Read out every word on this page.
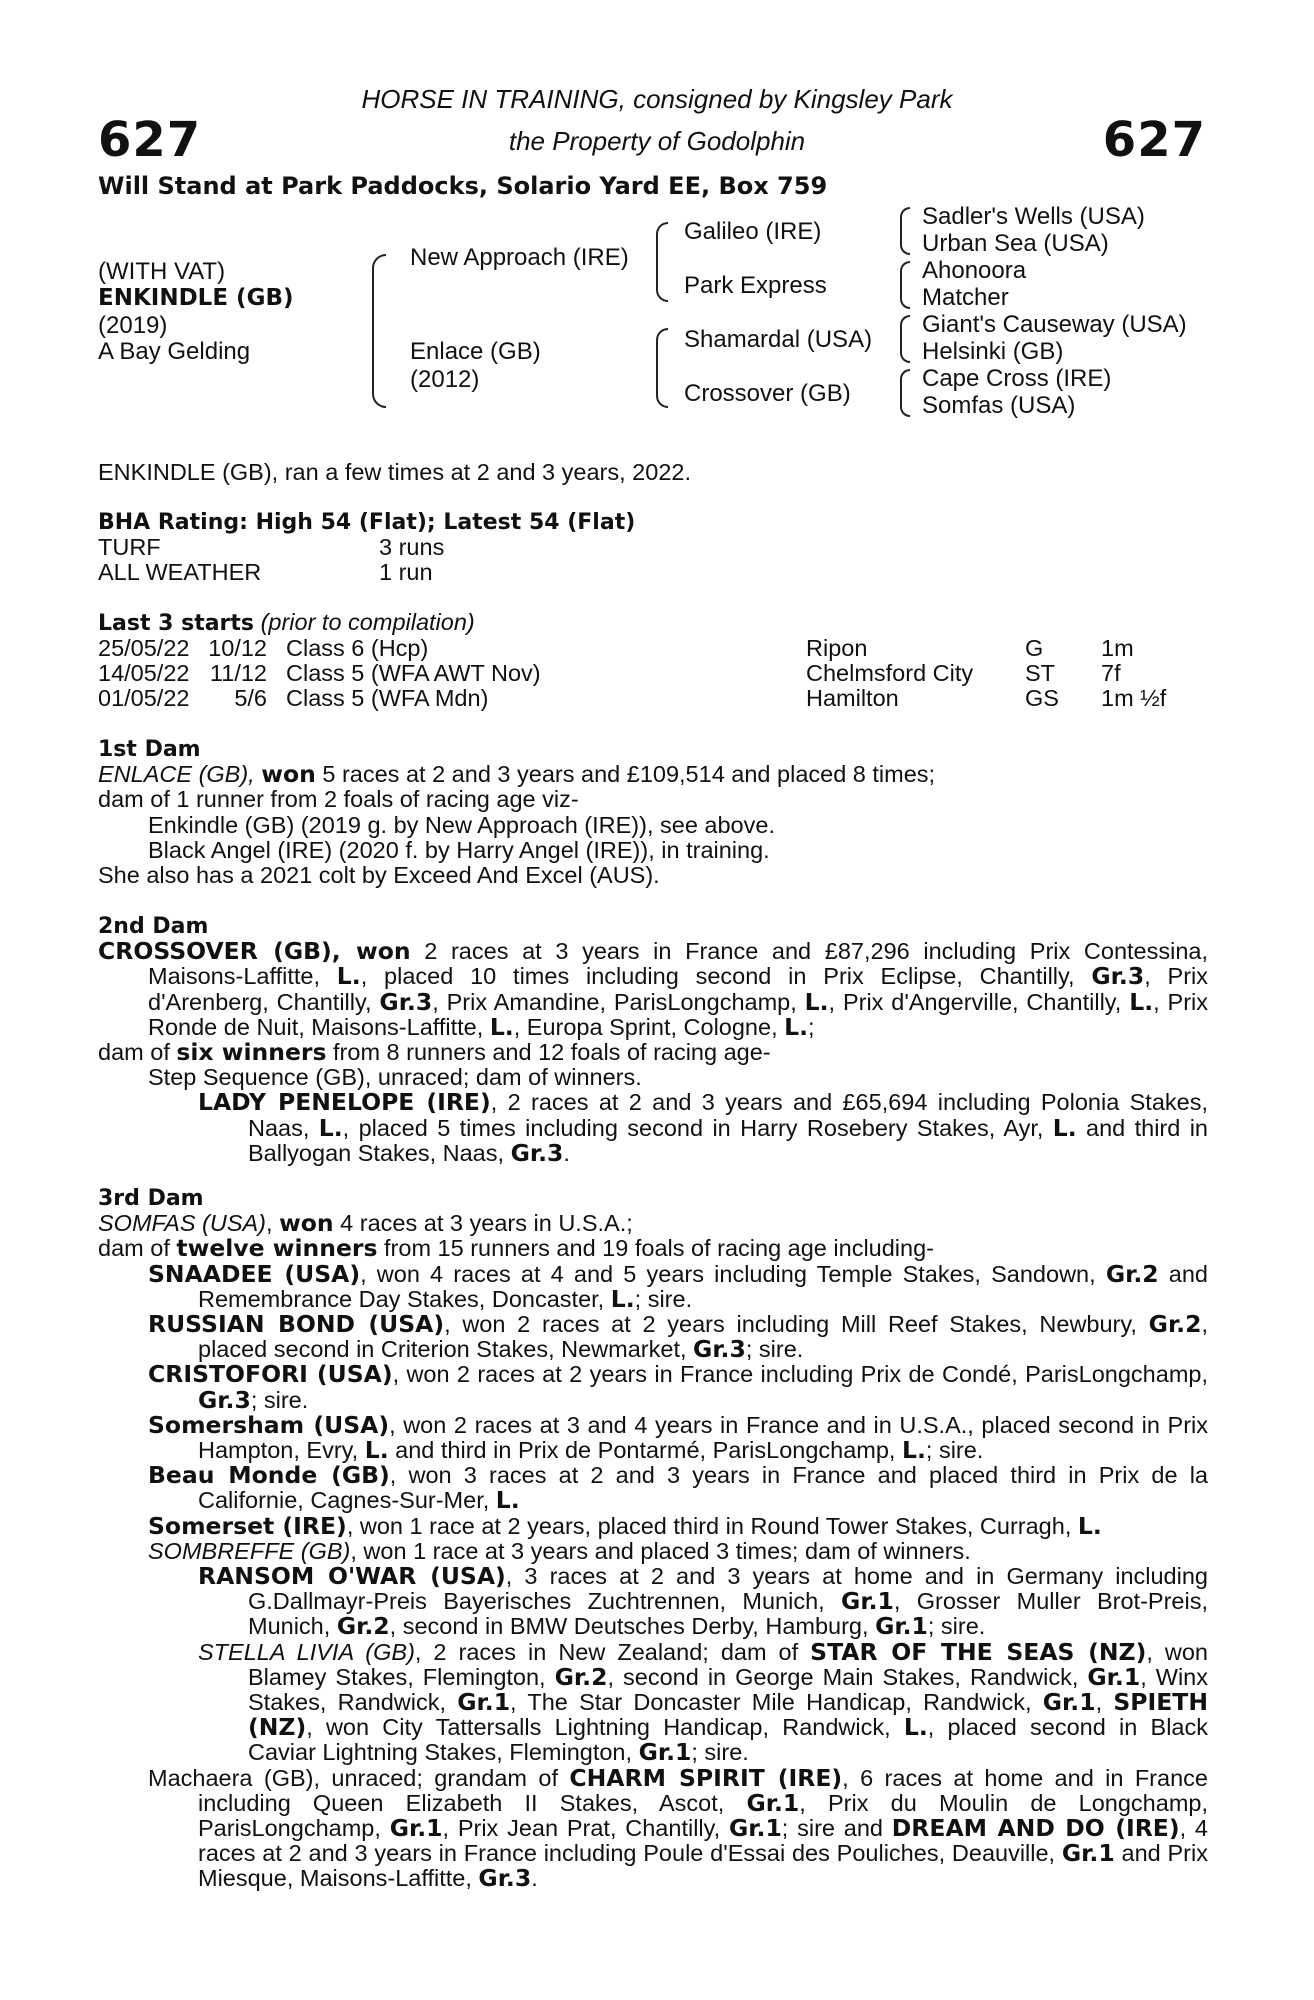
627	627
HORSE IN TRAINING, consigned by Kingsley Park
the Property of Godolphin
Will Stand at Park Paddocks, Solario Yard EE, Box 759
(WITH VAT)
ENKINDLE (GB)
(2019)
A Bay Gelding
New Approach (IRE)
Enlace (GB)
(2012)
Galileo (IRE)
Park Express
Shamardal (USA)
Crossover (GB)
Sadler's Wells (USA)
Urban Sea (USA)
Ahonoora
Matcher
Giant's Causeway (USA)
Helsinki (GB)
Cape Cross (IRE)
Somfas (USA)
ENKINDLE (GB), ran a few times at 2 and 3 years, 2022.
BHA Rating: High 54 (Flat); Latest 54 (Flat)
TURF	3 runs
ALL WEATHER	1 run
Last 3 starts (prior to compilation)
25/05/22 10/12 Class 6 (Hcp)	Ripon	G 1m
14/05/22 11/12 Class 5 (WFA AWT Nov)	Chelmsford City ST 7f
01/05/22	5/6 Class 5 (WFA Mdn)	Hamilton	GS 1m ½f
1st Dam
ENLACE (GB), won 5 races at 2 and 3 years and £109,514 and placed 8 times;
dam of 1 runner from 2 foals of racing age viz-
Enkindle (GB) (2019 g. by New Approach (IRE)), see above.
Black Angel (IRE) (2020 f. by Harry Angel (IRE)), in training.
She also has a 2021 colt by Exceed And Excel (AUS).
2nd Dam
CROSSOVER (GB), won 2 races at 3 years in France and £87,296 including Prix Contessina, Maisons-Laffitte, L., placed 10 times including second in Prix Eclipse, Chantilly, Gr.3, Prix d'Arenberg, Chantilly, Gr.3, Prix Amandine, ParisLongchamp, L., Prix d'Angerville, Chantilly, L., Prix Ronde de Nuit, Maisons-Laffitte, L., Europa Sprint, Cologne, L.;
dam of six winners from 8 runners and 12 foals of racing age-
Step Sequence (GB), unraced; dam of winners.
LADY PENELOPE (IRE), 2 races at 2 and 3 years and £65,694 including Polonia Stakes, Naas, L., placed 5 times including second in Harry Rosebery Stakes, Ayr, L. and third in Ballyogan Stakes, Naas, Gr.3.
3rd Dam
SOMFAS (USA), won 4 races at 3 years in U.S.A.;
dam of twelve winners from 15 runners and 19 foals of racing age including-
SNAADEE (USA), won 4 races at 4 and 5 years including Temple Stakes, Sandown, Gr.2 and Remembrance Day Stakes, Doncaster, L.; sire.
RUSSIAN BOND (USA), won 2 races at 2 years including Mill Reef Stakes, Newbury, Gr.2, placed second in Criterion Stakes, Newmarket, Gr.3; sire.
CRISTOFORI (USA), won 2 races at 2 years in France including Prix de Condé, ParisLongchamp, Gr.3; sire.
Somersham (USA), won 2 races at 3 and 4 years in France and in U.S.A., placed second in Prix Hampton, Evry, L. and third in Prix de Pontarmé, ParisLongchamp, L.; sire.
Beau Monde (GB), won 3 races at 2 and 3 years in France and placed third in Prix de la Californie, Cagnes-Sur-Mer, L.
Somerset (IRE), won 1 race at 2 years, placed third in Round Tower Stakes, Curragh, L.
SOMBREFFE (GB), won 1 race at 3 years and placed 3 times; dam of winners.
RANSOM O'WAR (USA), 3 races at 2 and 3 years at home and in Germany including G.Dallmayr-Preis Bayerisches Zuchtrennen, Munich, Gr.1, Grosser Muller Brot-Preis, Munich, Gr.2, second in BMW Deutsches Derby, Hamburg, Gr.1; sire.
STELLA LIVIA (GB), 2 races in New Zealand; dam of STAR OF THE SEAS (NZ), won Blamey Stakes, Flemington, Gr.2, second in George Main Stakes, Randwick, Gr.1, Winx Stakes, Randwick, Gr.1, The Star Doncaster Mile Handicap, Randwick, Gr.1, SPIETH (NZ), won City Tattersalls Lightning Handicap, Randwick, L., placed second in Black Caviar Lightning Stakes, Flemington, Gr.1; sire.
Machaera (GB), unraced; grandam of CHARM SPIRIT (IRE), 6 races at home and in France including Queen Elizabeth II Stakes, Ascot, Gr.1, Prix du Moulin de Longchamp, ParisLongchamp, Gr.1, Prix Jean Prat, Chantilly, Gr.1; sire and DREAM AND DO (IRE), 4 races at 2 and 3 years in France including Poule d'Essai des Pouliches, Deauville, Gr.1 and Prix Miesque, Maisons-Laffitte, Gr.3.
